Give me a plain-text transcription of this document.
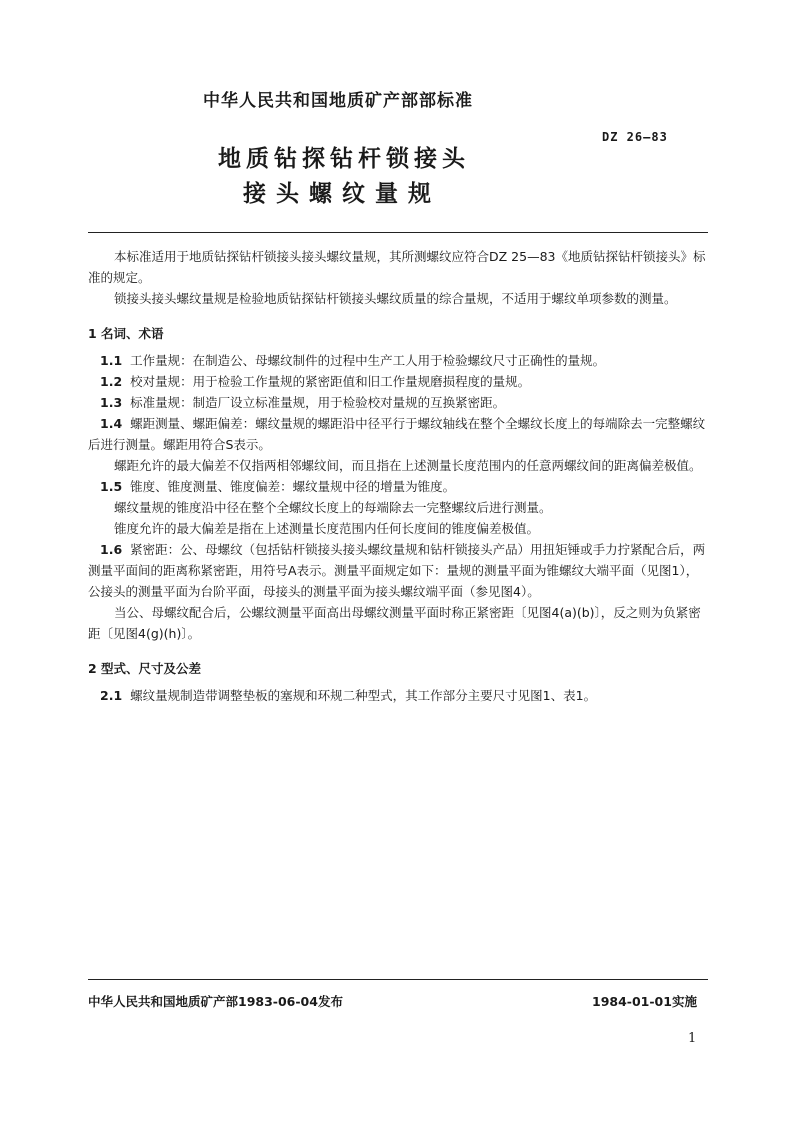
中华人民共和国地质矿产部部标准
DZ 26—83
地质钻探钻杆锁接头
接头螺纹量规

本标准适用于地质钻探钻杆锁接头接头螺纹量规，其所测螺纹应符合DZ 25—83《地质钻探钻杆锁接头》标准的规定。

锁接头接头螺纹量规是检验地质钻探钻杆锁接头螺纹质量的综合量规，不适用于螺纹单项参数的测量。

1 名词、术语

1.1 工作量规：在制造公、母螺纹制件的过程中生产工人用于检验螺纹尺寸正确性的量规。

1.2 校对量规：用于检验工作量规的紧密距值和旧工作量规磨损程度的量规。

1.3 标准量规：制造厂设立标准量规，用于检验校对量规的互换紧密距。

1.4 螺距测量、螺距偏差：螺纹量规的螺距沿中径平行于螺纹轴线在整个全螺纹长度上的每端除去一完整螺纹后进行测量。螺距用符合S表示。

螺距允许的最大偏差不仅指两相邻螺纹间，而且指在上述测量长度范围内的任意两螺纹间的距离偏差极值。

1.5 锥度、锥度测量、锥度偏差：螺纹量规中径的增量为锥度。

螺纹量规的锥度沿中径在整个全螺纹长度上的每端除去一完整螺纹后进行测量。

锥度允许的最大偏差是指在上述测量长度范围内任何长度间的锥度偏差极值。

1.6 紧密距：公、母螺纹（包括钻杆锁接头接头螺纹量规和钻杆锁接头产品）用扭矩锤或手力拧紧配合后，两测量平面间的距离称紧密距，用符号A表示。测量平面规定如下：量规的测量平面为锥螺纹大端平面（见图1），公接头的测量平面为台阶平面，母接头的测量平面为接头螺纹端平面（参见图4）。

当公、母螺纹配合后，公螺纹测量平面高出母螺纹测量平面时称正紧密距〔见图4(a)(b)〕，反之则为负紧密距〔见图4(g)(h)〕。

2 型式、尺寸及公差

2.1 螺纹量规制造带调整垫板的塞规和环规二种型式，其工作部分主要尺寸见图1、表1。

中华人民共和国地质矿产部1983-06-04发布	1984-01-01实施
1
